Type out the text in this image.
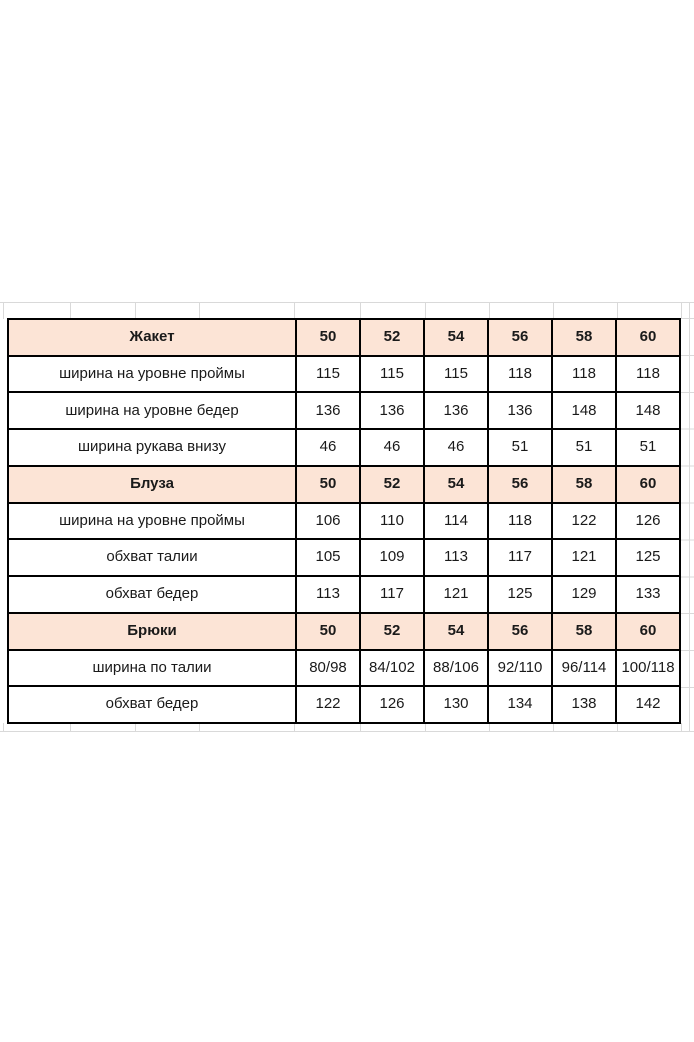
Жакет	50	52	54	56	58	60
ширина на уровне проймы	115	115	115	118	118	118
ширина на уровне бедер	136	136	136	136	148	148
ширина рукава внизу	46	46	46	51	51	51
Блуза	50	52	54	56	58	60
ширина на уровне проймы	106	110	114	118	122	126
обхват талии	105	109	113	117	121	125
обхват бедер	113	117	121	125	129	133
Брюки	50	52	54	56	58	60
ширина по талии	80/98	84/102	88/106	92/110	96/114	100/118
обхват бедер	122	126	130	134	138	142
